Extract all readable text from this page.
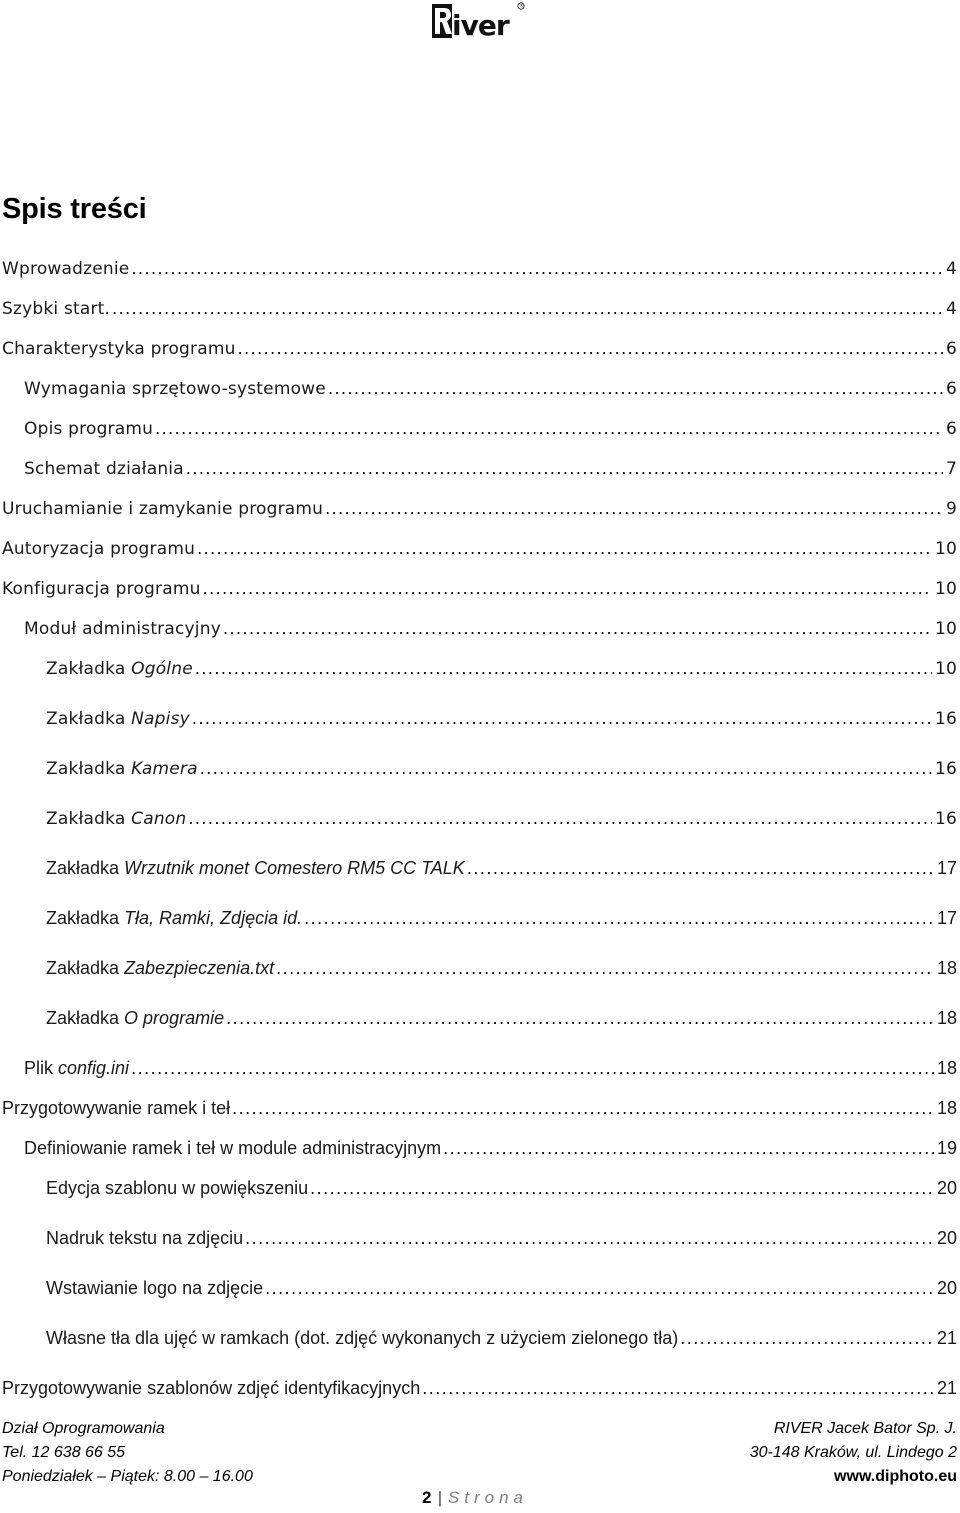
iver
®
Spis treści
Wprowadzenie .....	4
Szybki start. .....	4
Charakterystyka programu .....	6
Wymagania sprzętowo-systemowe .....	6
Opis programu .....	6
Schemat działania .....	7
Uruchamianie i zamykanie programu .....	9
Autoryzacja programu .....	10
Konfiguracja programu .....	10
Moduł administracyjny .....	10
Zakładka Ogólne .....	10
Zakładka Napisy .....	16
Zakładka Kamera .....	16
Zakładka Canon .....	16
Zakładka Wrzutnik monet Comestero RM5 CC TALK .....	17
Zakładka Tła, Ramki, Zdjęcia id. .....	17
Zakładka Zabezpieczenia.txt .....	18
Zakładka O programie .....	18
Plik config.ini .....	18
Przygotowywanie ramek i teł .....	18
Definiowanie ramek i teł w module administracyjnym .....	19
Edycja szablonu w powiększeniu .....	20
Nadruk tekstu na zdjęciu .....	20
Wstawianie logo na zdjęcie .....	20
Własne tła dla ujęć w ramkach (dot. zdjęć wykonanych z użyciem zielonego tła) .....	21
Przygotowywanie szablonów zdjęć identyfikacyjnych .....	21
Dział Oprogramowania
Tel. 12 638 66 55
Poniedziałek – Piątek: 8.00 – 16.00
RIVER Jacek Bator Sp. J.
30-148 Kraków, ul. Lindego 2
www.diphoto.eu
2 | Strona
